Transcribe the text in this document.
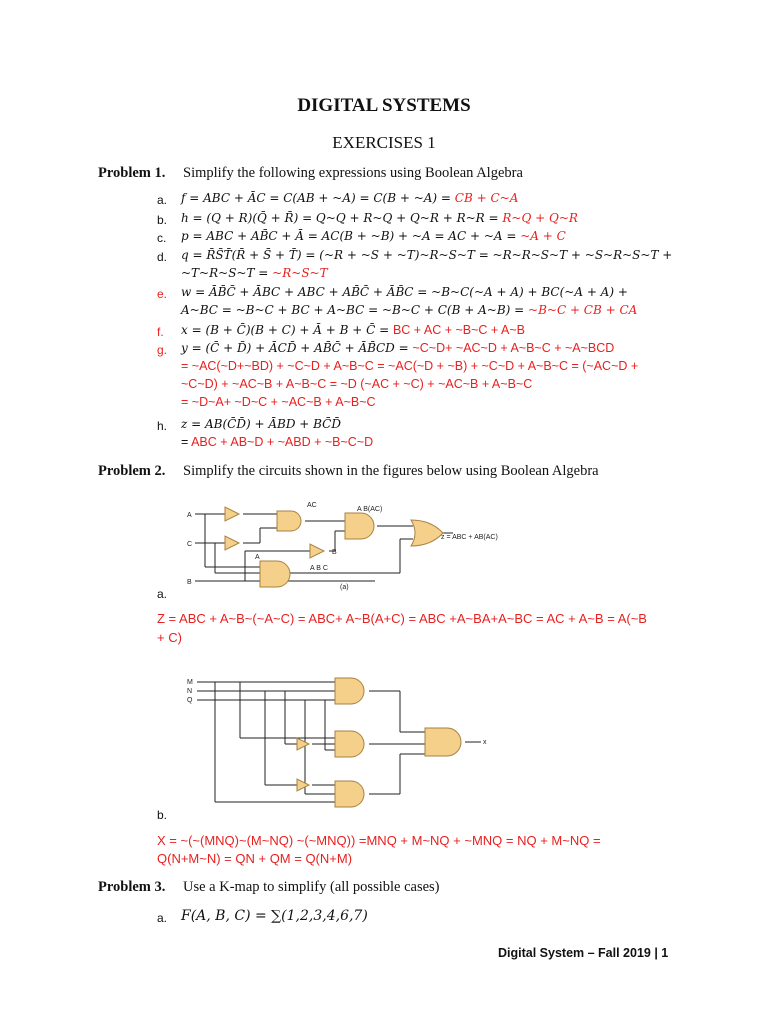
DIGITAL SYSTEMS
EXERCISES 1
Problem 1. Simplify the following expressions using Boolean Algebra
a. f = ABC + ĀC = C(AB + ~A) = C(B + ~A) = CB + C~A
b. h = (Q + R)(Q̄ + R̄) = Q~Q + R~Q + Q~R + R~R = R~Q + Q~R
c. p = ABC + AB̄C + Ā = AC(B + ~B) + ~A = AC + ~A = ~A + C
d. q = R̄S̄T̄(R̄ + S̄ + T̄) = (~R + ~S + ~T)~R~S~T = ~R~R~S~T + ~S~R~S~T +
~T~R~S~T = ~R~S~T
e. w = ĀB̄C̄ + ĀBC + ABC + AB̄C̄ + ĀB̄C = ~B~C(~A + A) + BC(~A + A) +
A~BC = ~B~C + BC + A~BC = ~B~C + C(B + A~B) = ~B~C + CB + CA
f. x = (B + C̄)(B + C) + Ā + B + C̄ = BC + AC + ~B~C + A~B
g. y = (C̄ + D̄) + ĀCD̄ + AB̄C̄ + ĀB̄CD = ~C~D+ ~AC~D + A~B~C + ~A~BCD
= ~AC(~D+~BD) + ~C~D + A~B~C = ~AC(~D + ~B) + ~C~D + A~B~C = (~AC~D +
~C~D) + ~AC~B + A~B~C = ~D (~AC + ~C) + ~AC~B + A~B~C
= ~D~A+ ~D~C + ~AC~B + A~B~C
h. z = AB(C̄D̄) + ĀBD + BC̄D̄
= ABC + AB~D + ~ABD + ~B~C~D
Problem 2. Simplify the circuits shown in the figures below using Boolean Algebra
A
C
B
AC
A B(AC)
z = ABC + AB(AC)
A
B
A B C
(a)
a.
Z = ABC + A~B~(~A~C) = ABC+ A~B(A+C) = ABC +A~BA+A~BC = AC + A~B = A(~B
+ C)
M
N
Q
x
b.
X = ~(~(MNQ)~(M~NQ) ~(~MNQ)) =MNQ + M~NQ + ~MNQ = NQ + M~NQ =
Q(N+M~N) = QN + QM = Q(N+M)
Problem 3. Use a K-map to simplify (all possible cases)
a. F(A, B, C) = ∑(1,2,3,4,6,7)
Digital System – Fall 2019 | 1
